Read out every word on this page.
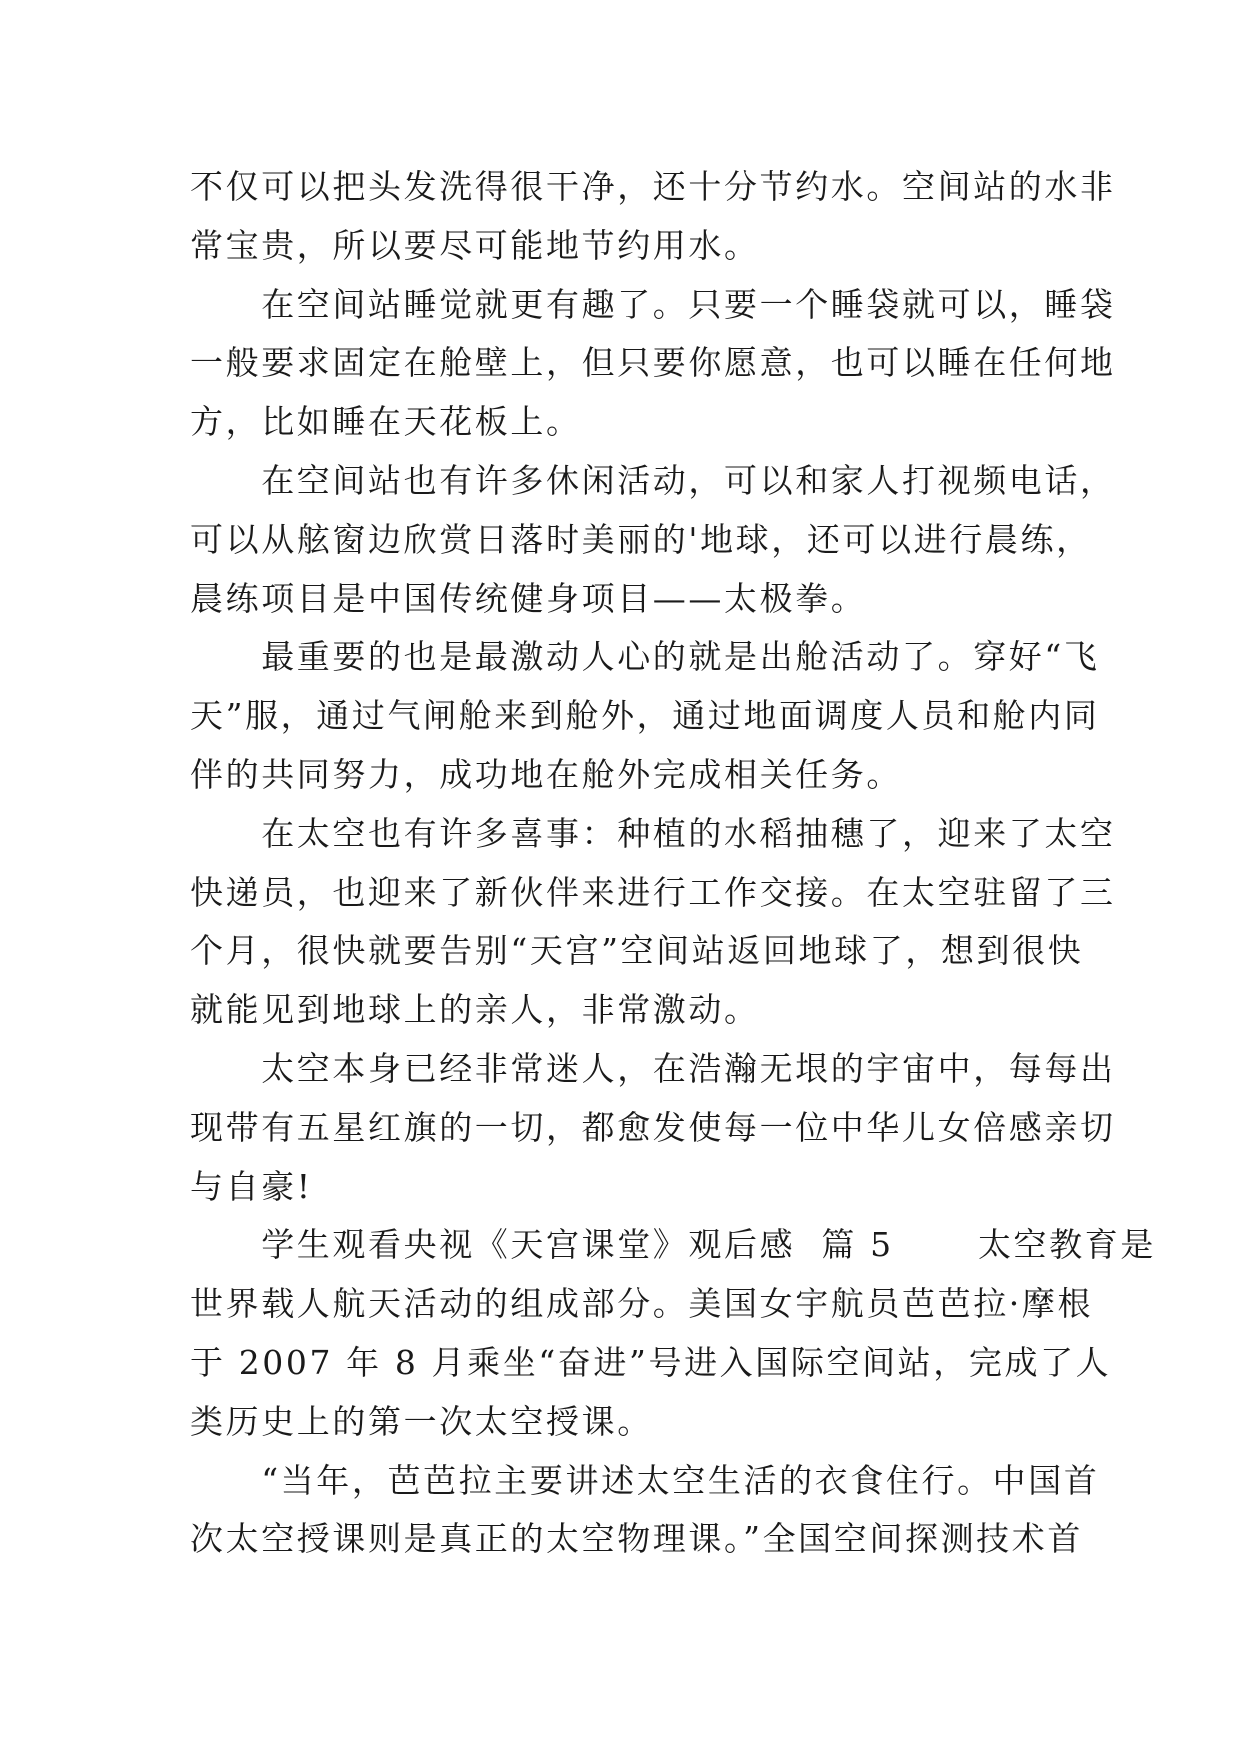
不仅可以把头发洗得很干净，还十分节约水。空间站的水非
常宝贵，所以要尽可能地节约用水。
　　在空间站睡觉就更有趣了。只要一个睡袋就可以，睡袋
一般要求固定在舱壁上，但只要你愿意，也可以睡在任何地
方，比如睡在天花板上。
　　在空间站也有许多休闲活动，可以和家人打视频电话，
可以从舷窗边欣赏日落时美丽的'地球，还可以进行晨练，
晨练项目是中国传统健身项目——太极拳。
　　最重要的也是最激动人心的就是出舱活动了。穿好“飞
天”服，通过气闸舱来到舱外，通过地面调度人员和舱内同
伴的共同努力，成功地在舱外完成相关任务。
　　在太空也有许多喜事：种植的水稻抽穗了，迎来了太空
快递员，也迎来了新伙伴来进行工作交接。在太空驻留了三
个月，很快就要告别“天宫”空间站返回地球了，想到很快
就能见到地球上的亲人，非常激动。
　　太空本身已经非常迷人，在浩瀚无垠的宇宙中，每每出
现带有五星红旗的一切，都愈发使每一位中华儿女倍感亲切
与自豪!
　　学生观看央视《天宫课堂》观后感  篇 5　　 太空教育是
世界载人航天活动的组成部分。美国女宇航员芭芭拉·摩根
于 2007 年 8 月乘坐“奋进”号进入国际空间站，完成了人
类历史上的第一次太空授课。
　　“当年，芭芭拉主要讲述太空生活的衣食住行。中国首
次太空授课则是真正的太空物理课。”全国空间探测技术首
